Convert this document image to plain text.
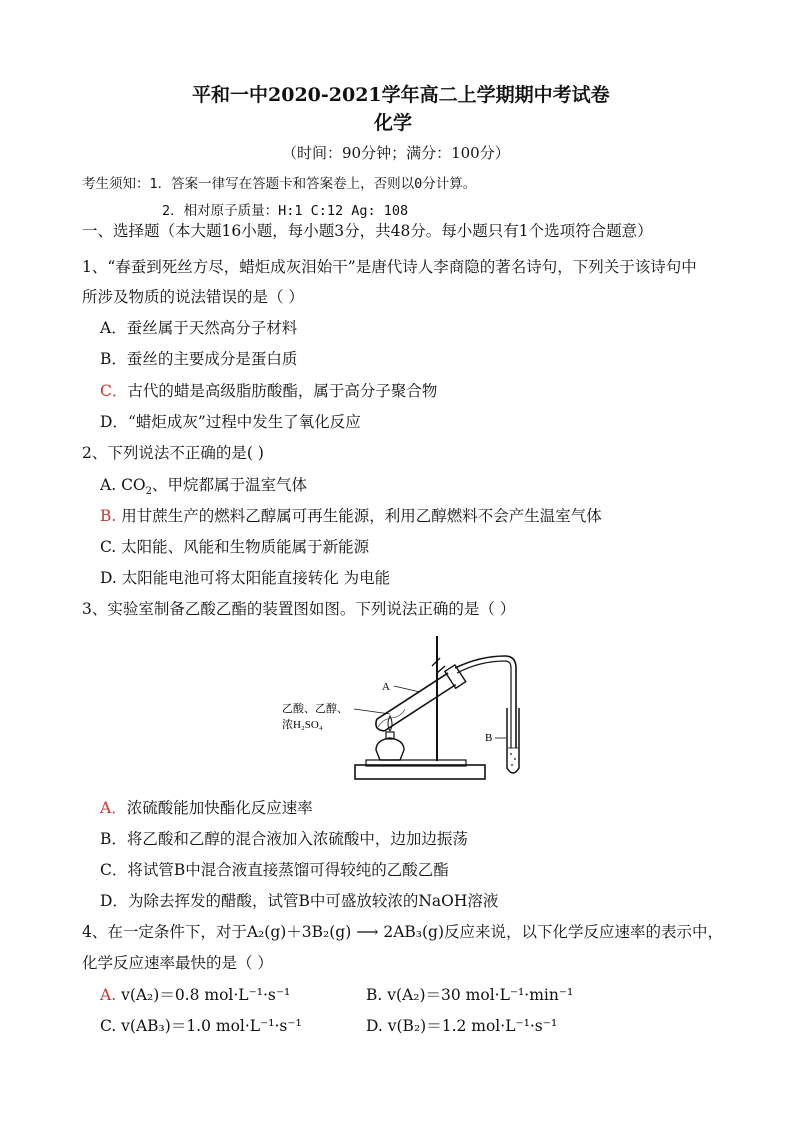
平和一中2020-2021学年高二上学期期中考试卷
化学
（时间：90分钟；满分：100分）
考生须知：1．答案一律写在答题卡和答案卷上，否则以0分计算。
2．相对原子质量：H:1 C:12 Ag: 108
一、选择题（本大题16小题，每小题3分，共48分。每小题只有1个选项符合题意）
1、“春蚕到死丝方尽，蜡炬成灰泪始干”是唐代诗人李商隐的著名诗句，下列关于该诗句中
所涉及物质的说法错误的是（ ）
A．蚕丝属于天然高分子材料
B．蚕丝的主要成分是蛋白质
C．古代的蜡是高级脂肪酸酯，属于高分子聚合物
D．“蜡炬成灰”过程中发生了氧化反应
2、下列说法不正确的是( )
A. $CO_2$、甲烷都属于温室气体
B. 用甘蔗生产的燃料乙醇属可再生能源，利用乙醇燃料不会产生温室气体
C. 太阳能、风能和生物质能属于新能源
D. 太阳能电池可将太阳能直接转化 为电能
3、实验室制备乙酸乙酯的装置图如图。下列说法正确的是（ ）
A
B
乙酸、乙醇、
浓H₂SO₄
A．浓硫酸能加快酯化反应速率
B．将乙酸和乙醇的混合液加入浓硫酸中，边加边振荡
C．将试管B中混合液直接蒸馏可得较纯的乙酸乙酯
D．为除去挥发的醋酸，试管B中可盛放较浓的NaOH溶液
4、在一定条件下，对于A₂(g)＋3B₂(g) ⟶ 2AB₃(g)反应来说，以下化学反应速率的表示中，
化学反应速率最快的是（ ）
A. v(A₂)＝0.8 mol·L⁻¹·s⁻¹	B. v(A₂)＝30 mol·L⁻¹·min⁻¹
C. v(AB₃)＝1.0 mol·L⁻¹·s⁻¹	D. v(B₂)＝1.2 mol·L⁻¹·s⁻¹
